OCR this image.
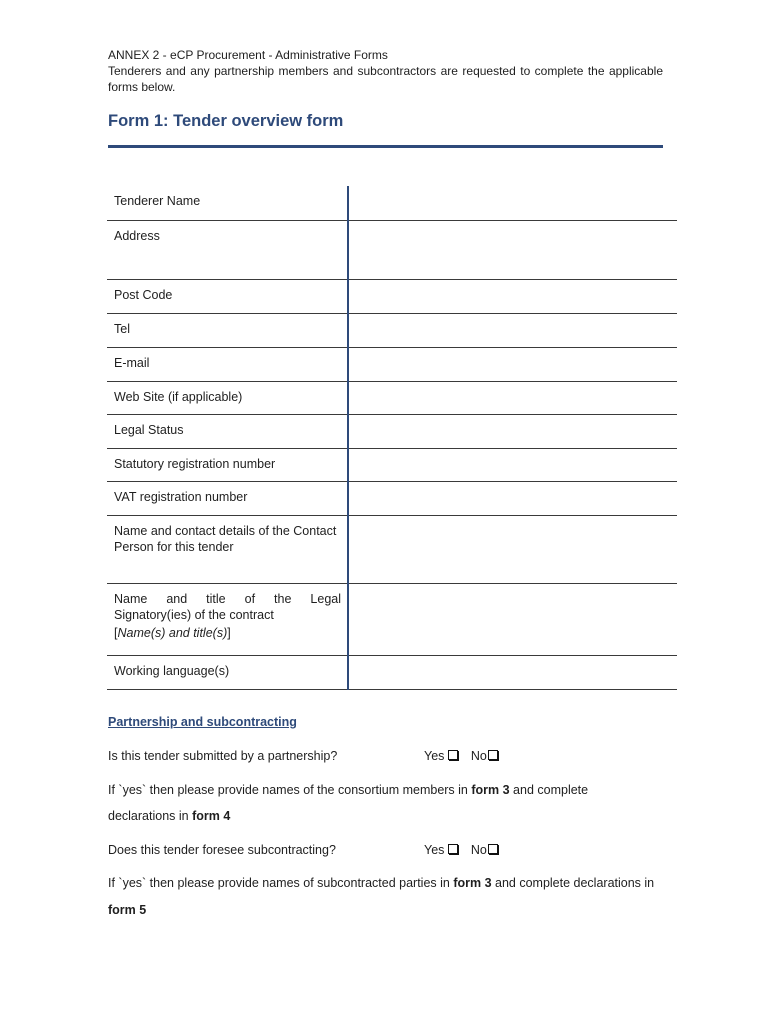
ANNEX 2 - eCP Procurement - Administrative Forms
Tenderers and any partnership members and subcontractors are requested to complete the applicable
forms below.
Form 1: Tender overview form
Tenderer Name	
Address	
Post Code	
Tel	
E-mail	
Web Site (if applicable)	
Legal Status	
Statutory registration number	
VAT registration number	
Name and contact details of the Contact
Person for this tender	

Name and title of the Legal
Signatory(ies) of the contract
[Name(s) and title(s)]	

Working language(s)	
Partnership and subcontracting
Is this tender submitted by a partnership?	Yes No
If `yes` then please provide names of the consortium members in form 3 and complete
declarations in form 4
Does this tender foresee subcontracting?	Yes No
If `yes` then please provide names of subcontracted parties in form 3 and complete declarations in
form 5
